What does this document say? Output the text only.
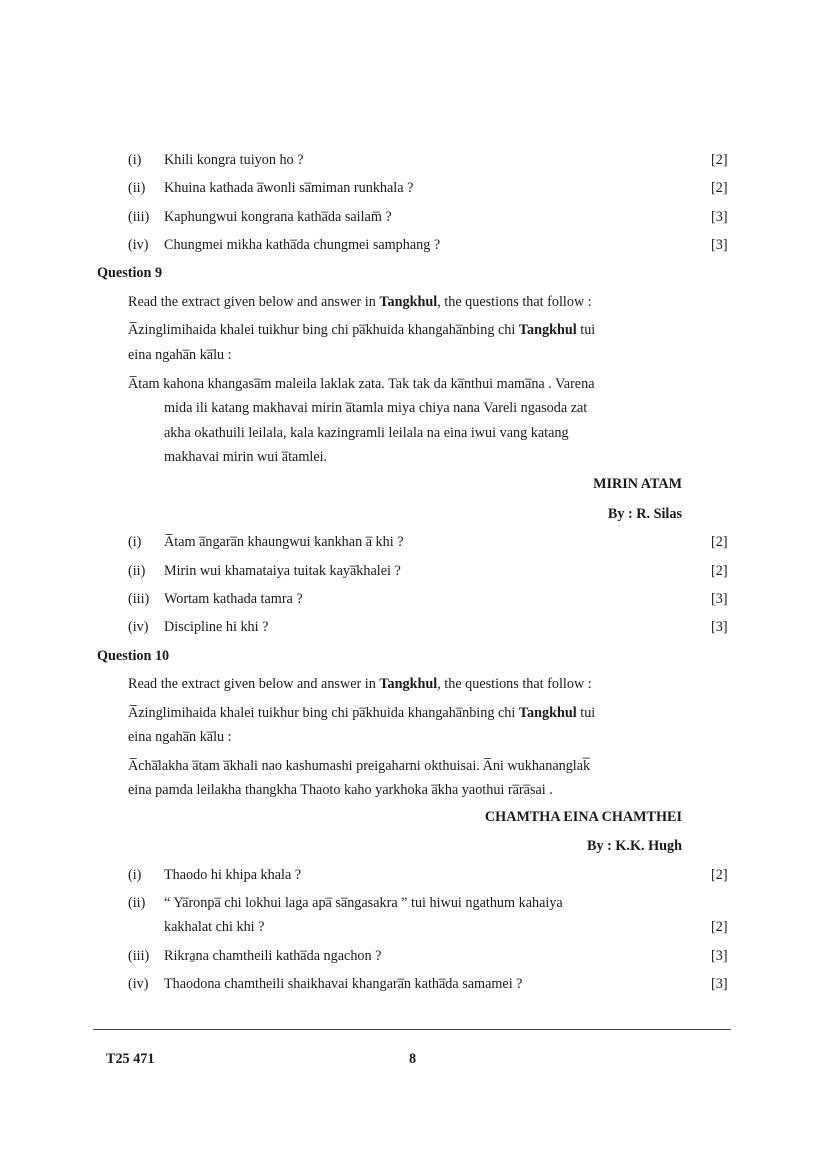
(i) Khili kongra tuiyon ho ?	[2]
(ii) Khuina kathada a̅wonli sa̅miman runkhala ?	[2]
(iii) Kaphungwui kongrana katha̅da sailam̅ ?	[3]
(iv) Chungmei mikha katha̅da chungmei samphang ?	[3]
Question 9
Read the extract given below and answer in Tangkhul, the questions that follow :
A̅zinglimihaida khalei tuikhur bing chi pa̅khuida khangaha̅nbing chi Tangkhul tui
eina ngaha̅n ka̅lu :
A̅tam kahona khangasa̅m maleila laklak zata. Tak tak da ka̅nthui mama̅na . Varena
mida ili katang makhavai mirin a̅tamla miya chiya nana Vareli ngasoda zat
akha okathuili leilala, kala kazingramli leilala na eina iwui vang katang
makhavai mirin wui a̅tamlei.
MIRIN ATAM
By : R. Silas
(i) A̅tam a̅ngara̅n khaungwui kankhan a̅ khi ?	[2]
(ii) Mirin wui khamataiya tuitak kaya̅khalei ?	[2]
(iii) Wortam kathada tamra ?	[3]
(iv) Discipline hi khi ?	[3]
Question 10
Read the extract given below and answer in Tangkhul, the questions that follow :
A̅zinglimihaida khalei tuikhur bing chi pa̅khuida khangaha̅nbing chi Tangkhul tui
eina ngaha̅n ka̅lu :
A̅cha̅lakha a̅tam a̅khali nao kashumashi preigaharni okthuisai. A̅ni wukhananglak̅
eina pamda leilakha thangkha Thaoto kaho yarkhoka a̅kha yaothui ra̅ra̅sai .
CHAMTHA EINA CHAMTHEI
By : K.K. Hugh
(i) Thaodo hi khipa khala ?	[2]
(ii) “ Ya̅ronpa̅ chi lokhui laga apa̅ sa̅ngasakra ” tui hiwui ngathum kahaiya
kakhalat chi khi ?	[2]
(iii) Rikra̱na chamtheili katha̅da ngachon ?	[3]
(iv) Thaodona chamtheili shaikhavai khangara̅n katha̅da samamei ?	[3]
T25 471	8
